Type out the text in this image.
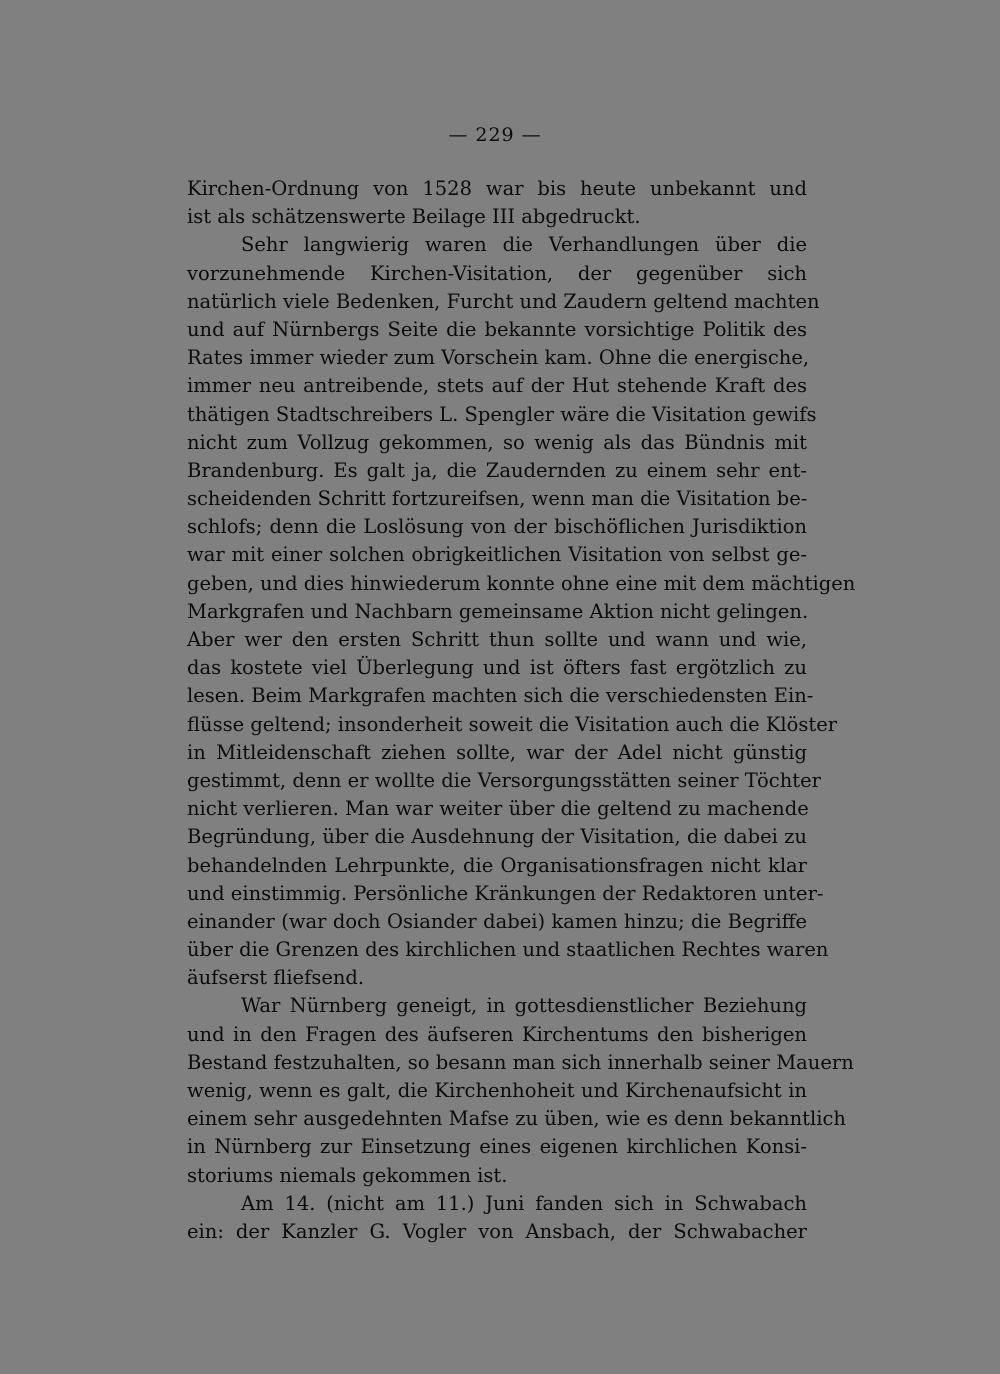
— 229 —
Kirchen-Ordnung von 1528 war bis heute unbekannt und
ist als schätzenswerte Beilage III abgedruckt.
Sehr langwierig waren die Verhandlungen über die
vorzunehmende Kirchen-Visitation, der gegenüber sich
natürlich viele Bedenken, Furcht und Zaudern geltend machten
und auf Nürnbergs Seite die bekannte vorsichtige Politik des
Rates immer wieder zum Vorschein kam. Ohne die energische,
immer neu antreibende, stets auf der Hut stehende Kraft des
thätigen Stadtschreibers L. Spengler wäre die Visitation gewifs
nicht zum Vollzug gekommen, so wenig als das Bündnis mit
Brandenburg. Es galt ja, die Zaudernden zu einem sehr ent-
scheidenden Schritt fortzureifsen, wenn man die Visitation be-
schlofs; denn die Loslösung von der bischöflichen Jurisdiktion
war mit einer solchen obrigkeitlichen Visitation von selbst ge-
geben, und dies hinwiederum konnte ohne eine mit dem mächtigen
Markgrafen und Nachbarn gemeinsame Aktion nicht gelingen.
Aber wer den ersten Schritt thun sollte und wann und wie,
das kostete viel Überlegung und ist öfters fast ergötzlich zu
lesen. Beim Markgrafen machten sich die verschiedensten Ein-
flüsse geltend; insonderheit soweit die Visitation auch die Klöster
in Mitleidenschaft ziehen sollte, war der Adel nicht günstig
gestimmt, denn er wollte die Versorgungsstätten seiner Töchter
nicht verlieren. Man war weiter über die geltend zu machende
Begründung, über die Ausdehnung der Visitation, die dabei zu
behandelnden Lehrpunkte, die Organisationsfragen nicht klar
und einstimmig. Persönliche Kränkungen der Redaktoren unter-
einander (war doch Osiander dabei) kamen hinzu; die Begriffe
über die Grenzen des kirchlichen und staatlichen Rechtes waren
äufserst fliefsend.
War Nürnberg geneigt, in gottesdienstlicher Beziehung
und in den Fragen des äufseren Kirchentums den bisherigen
Bestand festzuhalten, so besann man sich innerhalb seiner Mauern
wenig, wenn es galt, die Kirchenhoheit und Kirchenaufsicht in
einem sehr ausgedehnten Mafse zu üben, wie es denn bekanntlich
in Nürnberg zur Einsetzung eines eigenen kirchlichen Konsi-
storiums niemals gekommen ist.
Am 14. (nicht am 11.) Juni fanden sich in Schwabach
ein: der Kanzler G. Vogler von Ansbach, der Schwabacher
